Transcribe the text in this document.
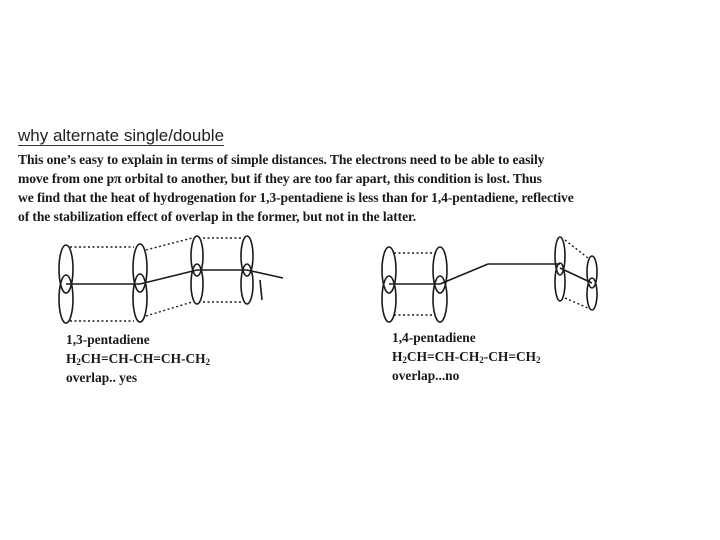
why alternate single/double
This one’s easy to explain in terms of simple distances. The electrons need to be able to easily
move from one pπ orbital to another, but if they are too far apart, this condition is lost. Thus
we find that the heat of hydrogenation for 1,3-pentadiene is less than for 1,4-pentadiene, reflective
of the stabilization effect of overlap in the former, but not in the latter.
1,3-pentadiene
$H_2CH=CH-CH=CH-CH_2$
overlap.. yes
1,4-pentadiene
$H_2CH=CH-CH_2-CH=CH_2$
overlap...no
